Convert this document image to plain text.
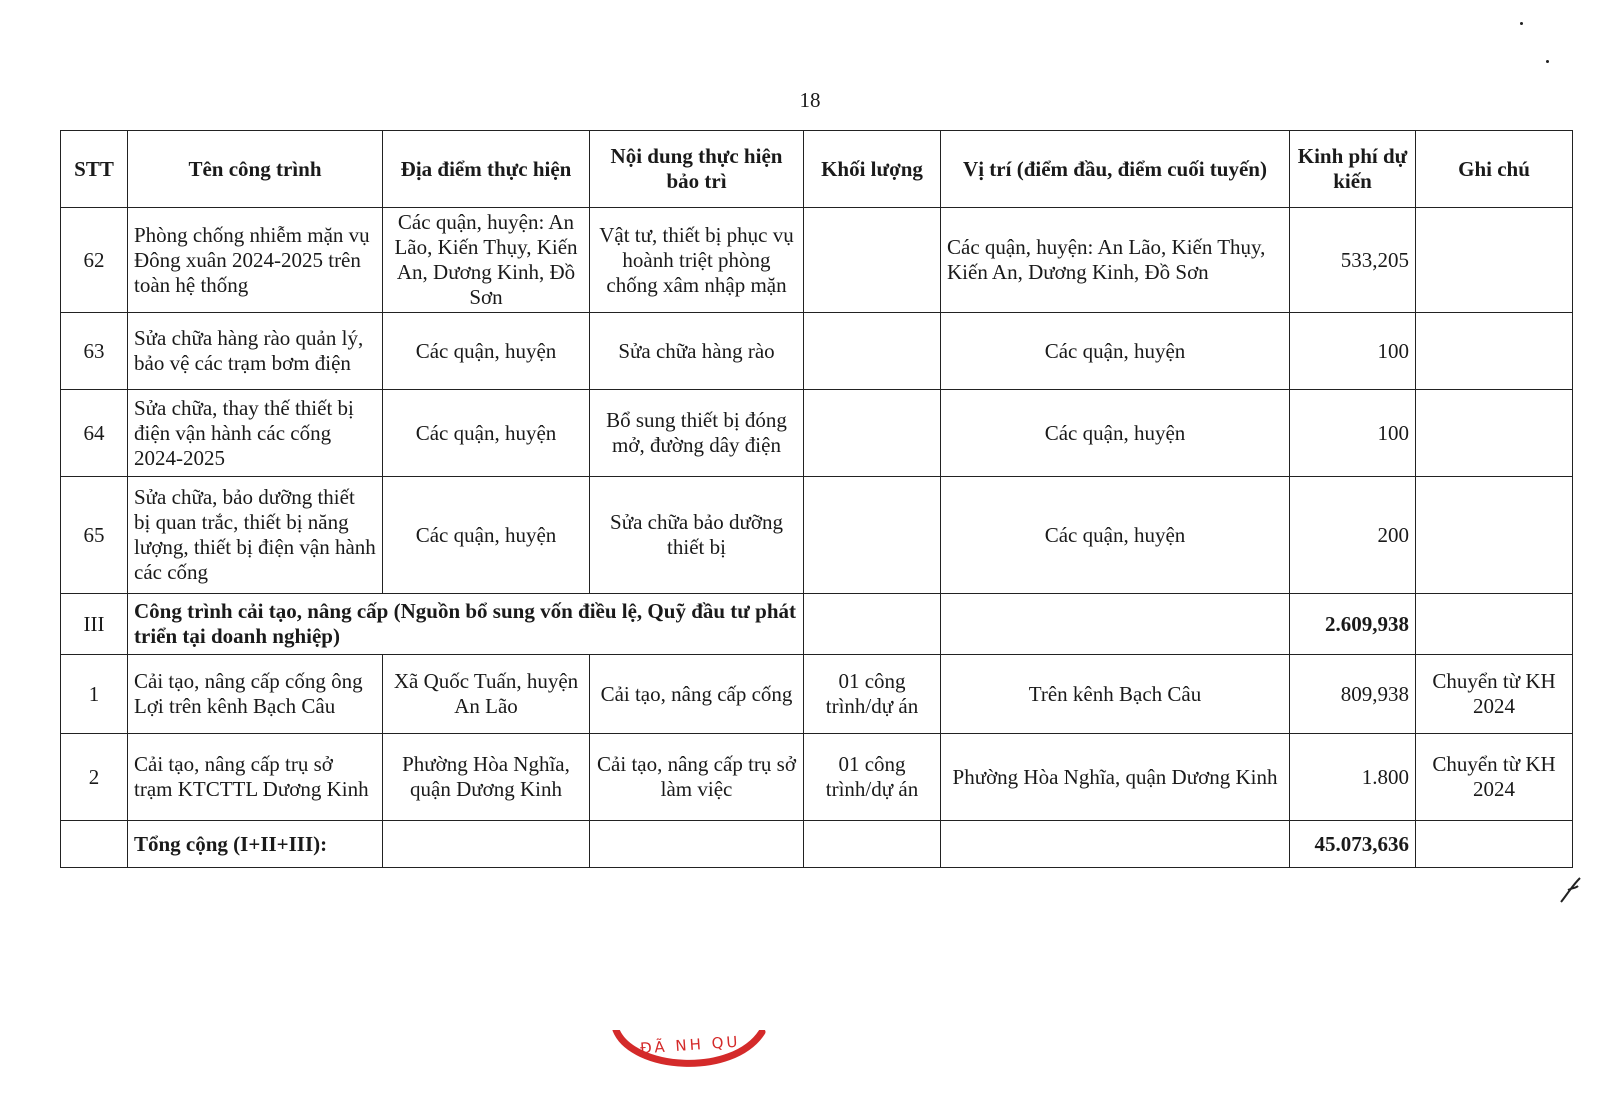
18
STT	Tên công trình	Địa điểm thực hiện	Nội dung thực hiện bảo trì	Khối lượng	Vị trí (điểm đầu, điểm cuối tuyến)	Kinh phí dự kiến	Ghi chú
62	Phòng chống nhiễm mặn vụ Đông xuân 2024-2025 trên toàn hệ thống	Các quận, huyện: An Lão, Kiến Thụy, Kiến An, Dương Kinh, Đồ Sơn	Vật tư, thiết bị phục vụ hoành triệt phòng chống xâm nhập mặn		Các quận, huyện: An Lão, Kiến Thụy, Kiến An, Dương Kinh, Đồ Sơn	533,205	
63	Sửa chữa hàng rào quản lý, bảo vệ các trạm bơm điện	Các quận, huyện	Sửa chữa hàng rào		Các quận, huyện	100	
64	Sửa chữa, thay thế thiết bị điện vận hành các cống 2024-2025	Các quận, huyện	Bổ sung thiết bị đóng mở, đường dây điện		Các quận, huyện	100	
65	Sửa chữa, bảo dưỡng thiết bị quan trắc, thiết bị năng lượng, thiết bị điện vận hành các cống	Các quận, huyện	Sửa chữa bảo dưỡng thiết bị		Các quận, huyện	200	
III	Công trình cải tạo, nâng cấp (Nguồn bổ sung vốn điều lệ, Quỹ đầu tư phát triển tại doanh nghiệp)					2.609,938	
1	Cải tạo, nâng cấp cống ông Lợi trên kênh Bạch Câu	Xã Quốc Tuấn, huyện An Lão	Cải tạo, nâng cấp cống	01 công trình/dự án	Trên kênh Bạch Câu	809,938	Chuyển từ KH 2024
2	Cải tạo, nâng cấp trụ sở trạm KTCTTL Dương Kinh	Phường Hòa Nghĩa, quận Dương Kinh	Cải tạo, nâng cấp trụ sở làm việc	01 công trình/dự án	Phường Hòa Nghĩa, quận Dương Kinh	1.800	Chuyển từ KH 2024
	Tổng cộng (I+II+III):					45.073,636	
ĐÃ NH QU
